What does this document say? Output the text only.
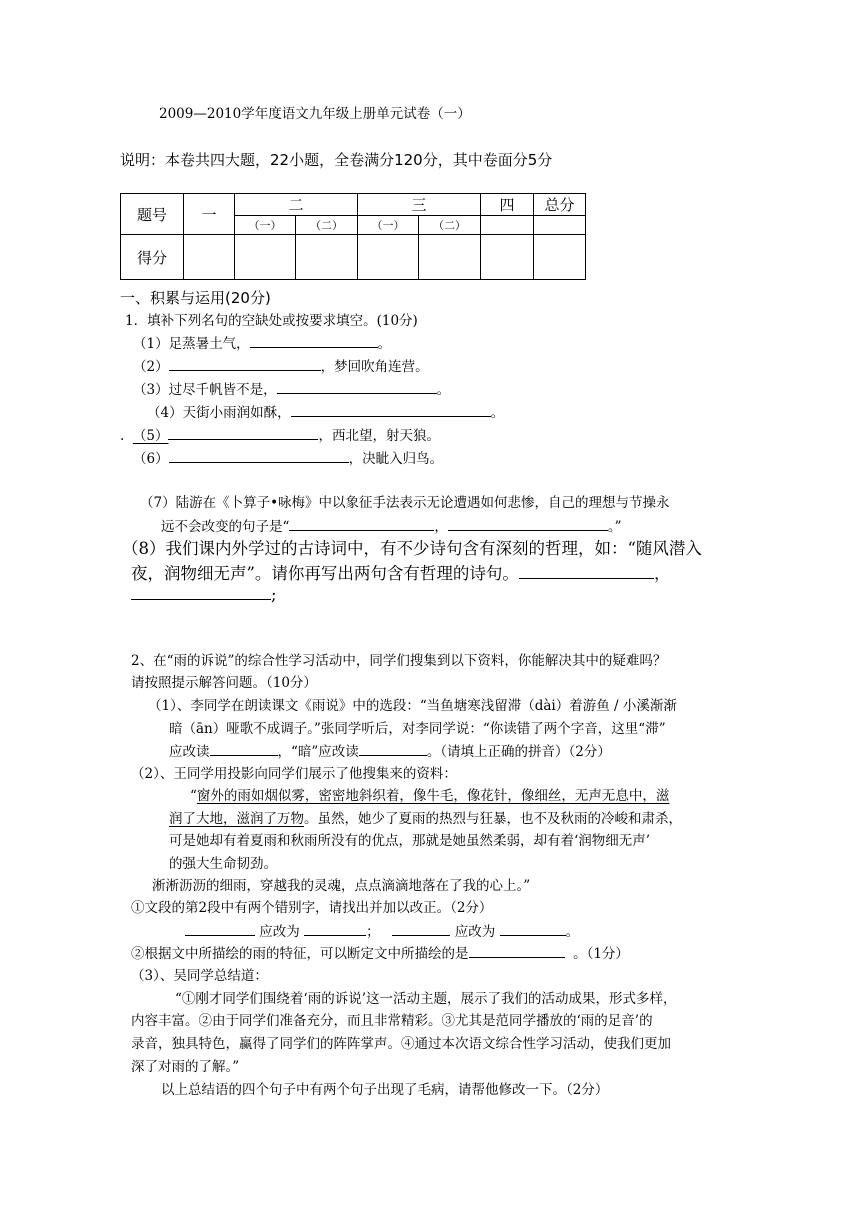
2009—2010学年度语文九年级上册单元试卷（一）
说明：本卷共四大题，22小题，全卷满分120分，其中卷面分5分
题号	一	二		三		四	总分
		（一）	（二）	（一）	（二）		
得分							
一、积累与运用(20分)
1．填补下列名句的空缺处或按要求填空。(10分)
（1）足蒸暑土气，	。
（2）	，梦回吹角连营。
（3）过尽千帆皆不是，	。
（4）天街小雨润如酥，	。
. （5）	，西北望，射天狼。
（6）	，决眦入归鸟。
（7）陆游在《卜算子•咏梅》中以象征手法表示无论遭遇如何悲惨，自己的理想与节操永
远不会改变的句子是“	，	。”
（8）我们课内外学过的古诗词中，有不少诗句含有深刻的哲理，如：“随风潜入
夜，润物细无声”。请你再写出两句含有哲理的诗句。	，
;
2、在“雨的诉说”的综合性学习活动中，同学们搜集到以下资料，你能解决其中的疑难吗？
请按照提示解答问题。（10分）
（1）、李同学在朗读课文《雨说》中的选段：“当鱼塘寒浅留滞（dài）着游鱼 / 小溪渐渐
暗（ān）哑歌不成调子。”张同学听后，对李同学说：“你读错了两个字音，这里“滞”
应改读	，“暗”应改读	。（请填上正确的拼音）（2分）
（2）、王同学用投影向同学们展示了他搜集来的资料：
“窗外的雨如烟似雾，密密地斜织着，像牛毛，像花针，像细丝，无声无息中，滋
润了大地，滋润了万物。虽然，她少了夏雨的热烈与狂暴，也不及秋雨的冷峻和肃杀，
可是她却有着夏雨和秋雨所没有的优点，那就是她虽然柔弱，却有着‘润物细无声’
的强大生命韧劲。
淅淅沥沥的细雨，穿越我的灵魂，点点滴滴地落在了我的心上。”
①文段的第2段中有两个错别字，请找出并加以改正。（2分）
应改为	；	应改为	。
②根据文中所描绘的雨的特征，可以断定文中所描绘的是	。（1分）
（3）、吴同学总结道：
“①刚才同学们围绕着‘雨的诉说’这一活动主题，展示了我们的活动成果，形式多样，
内容丰富。②由于同学们准备充分，而且非常精彩。③尤其是范同学播放的‘雨的足音’的
录音，独具特色，赢得了同学们的阵阵掌声。④通过本次语文综合性学习活动，使我们更加
深了对雨的了解。”
以上总结语的四个句子中有两个句子出现了毛病，请帮他修改一下。（2分）
